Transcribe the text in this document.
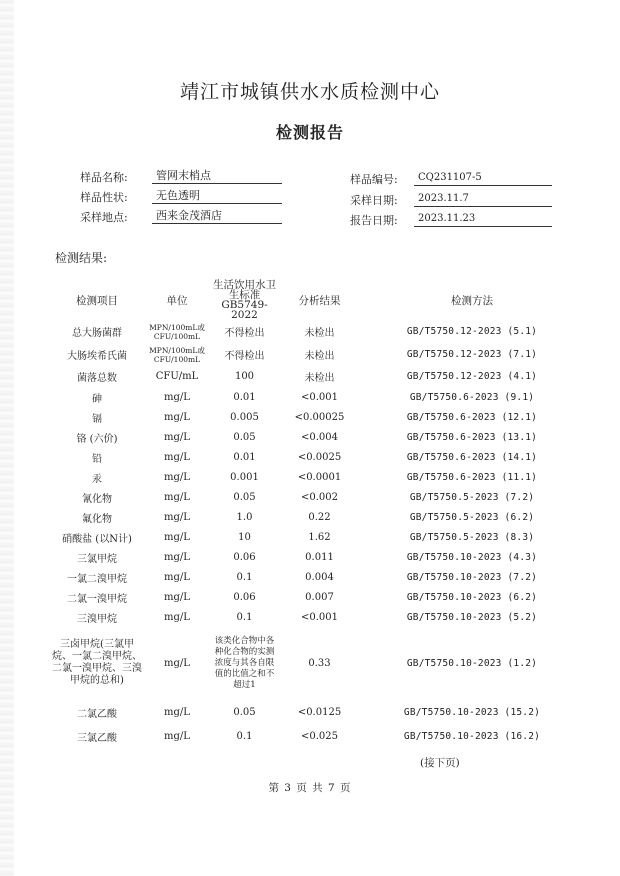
靖江市城镇供水水质检测中心
检测报告
样品名称:	管网末梢点
样品性状:	无色透明
采样地点:	西来金茂酒店
样品编号:	CQ231107-5
采样日期:	2023.11.7
报告日期:	2023.11.23
检测结果:
检测项目	单位	生活饮用水卫生标准GB5749-2022	分析结果	检测方法
总大肠菌群	MPN/100mL或CFU/100mL	不得检出	未检出	GB/T5750.12-2023 (5.1)
大肠埃希氏菌	MPN/100mL或CFU/100mL	不得检出	未检出	GB/T5750.12-2023 (7.1)
菌落总数	CFU/mL	100	未检出	GB/T5750.12-2023 (4.1)
砷	mg/L	0.01	<0.001	GB/T5750.6-2023 (9.1)
镉	mg/L	0.005	<0.00025	GB/T5750.6-2023 (12.1)
铬 (六价)	mg/L	0.05	<0.004	GB/T5750.6-2023 (13.1)
铅	mg/L	0.01	<0.0025	GB/T5750.6-2023 (14.1)
汞	mg/L	0.001	<0.0001	GB/T5750.6-2023 (11.1)
氰化物	mg/L	0.05	<0.002	GB/T5750.5-2023 (7.2)
氟化物	mg/L	1.0	0.22	GB/T5750.5-2023 (6.2)
硝酸盐 (以N计)	mg/L	10	1.62	GB/T5750.5-2023 (8.3)
三氯甲烷	mg/L	0.06	0.011	GB/T5750.10-2023 (4.3)
一氯二溴甲烷	mg/L	0.1	0.004	GB/T5750.10-2023 (7.2)
二氯一溴甲烷	mg/L	0.06	0.007	GB/T5750.10-2023 (6.2)
三溴甲烷	mg/L	0.1	<0.001	GB/T5750.10-2023 (5.2)
三卤甲烷(三氯甲烷、一氯二溴甲烷、二氯一溴甲烷、三溴甲烷的总和)	mg/L	该类化合物中各种化合物的实测浓度与其各自限值的比值之和不超过1	0.33	GB/T5750.10-2023 (1.2)
二氯乙酸	mg/L	0.05	<0.0125	GB/T5750.10-2023 (15.2)
三氯乙酸	mg/L	0.1	<0.025	GB/T5750.10-2023 (16.2)
(接下页)
第 3 页 共 7 页
